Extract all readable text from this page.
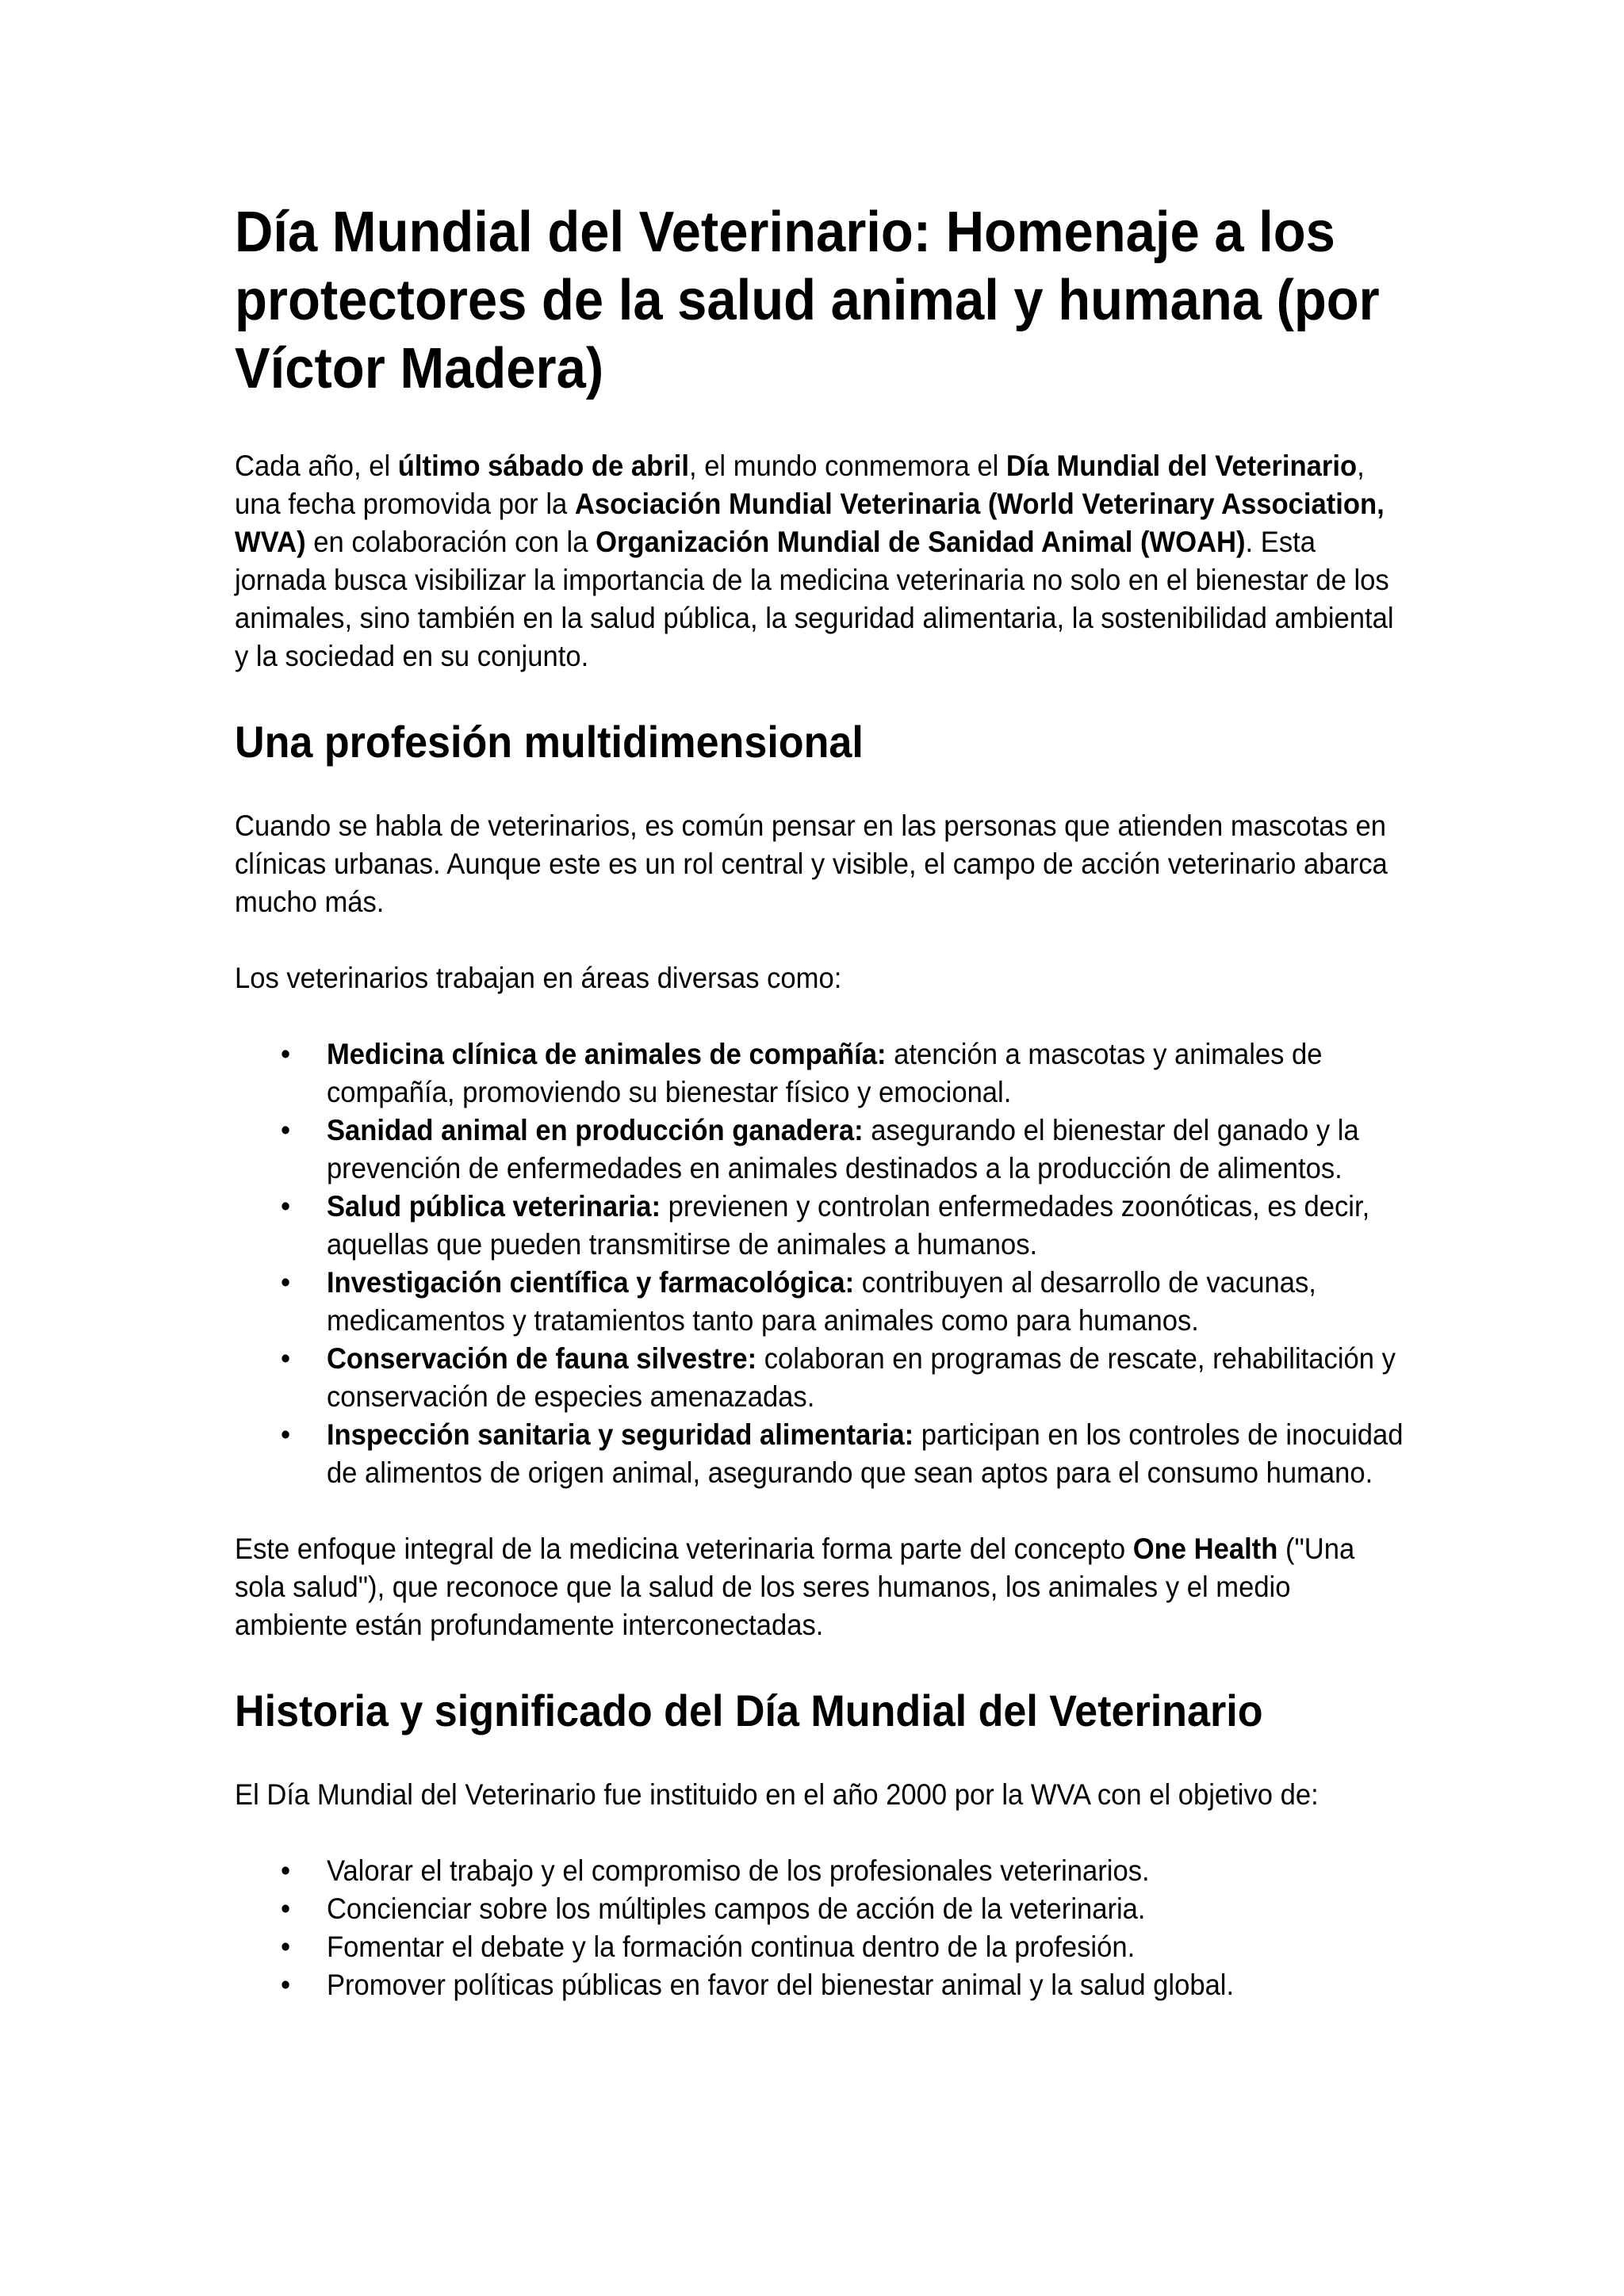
Día Mundial del Veterinario: Homenaje a los protectores de la salud animal y humana (por Víctor Madera)

Cada año, el último sábado de abril, el mundo conmemora el Día Mundial del Veterinario, una fecha promovida por la Asociación Mundial Veterinaria (World Veterinary Association, WVA) en colaboración con la Organización Mundial de Sanidad Animal (WOAH). Esta jornada busca visibilizar la importancia de la medicina veterinaria no solo en el bienestar de los animales, sino también en la salud pública, la seguridad alimentaria, la sostenibilidad ambiental y la sociedad en su conjunto.

Una profesión multidimensional

Cuando se habla de veterinarios, es común pensar en las personas que atienden mascotas en clínicas urbanas. Aunque este es un rol central y visible, el campo de acción veterinario abarca mucho más.

Los veterinarios trabajan en áreas diversas como:

• Medicina clínica de animales de compañía: atención a mascotas y animales de compañía, promoviendo su bienestar físico y emocional.
• Sanidad animal en producción ganadera: asegurando el bienestar del ganado y la prevención de enfermedades en animales destinados a la producción de alimentos.
• Salud pública veterinaria: previenen y controlan enfermedades zoonóticas, es decir, aquellas que pueden transmitirse de animales a humanos.
• Investigación científica y farmacológica: contribuyen al desarrollo de vacunas, medicamentos y tratamientos tanto para animales como para humanos.
• Conservación de fauna silvestre: colaboran en programas de rescate, rehabilitación y conservación de especies amenazadas.
• Inspección sanitaria y seguridad alimentaria: participan en los controles de inocuidad de alimentos de origen animal, asegurando que sean aptos para el consumo humano.

Este enfoque integral de la medicina veterinaria forma parte del concepto One Health ("Una sola salud"), que reconoce que la salud de los seres humanos, los animales y el medio ambiente están profundamente interconectadas.

Historia y significado del Día Mundial del Veterinario

El Día Mundial del Veterinario fue instituido en el año 2000 por la WVA con el objetivo de:

• Valorar el trabajo y el compromiso de los profesionales veterinarios.
• Concienciar sobre los múltiples campos de acción de la veterinaria.
• Fomentar el debate y la formación continua dentro de la profesión.
• Promover políticas públicas en favor del bienestar animal y la salud global.
